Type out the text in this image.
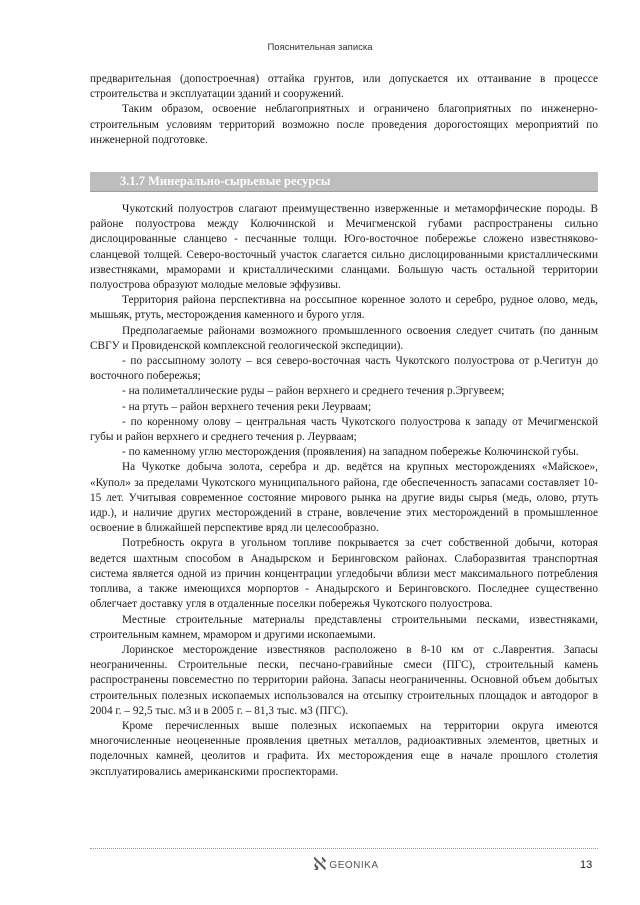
Пояснительная записка

предварительная (допостроечная) оттайка грунтов, или допускается их оттаивание в процессе строительства и эксплуатации зданий и сооружений.

Таким образом, освоение неблагоприятных и ограничено благоприятных по инженерно-строительным условиям территорий возможно после проведения дорогостоящих мероприятий по инженерной подготовке.

3.1.7 Минерально-сырьевые ресурсы

Чукотский полуостров слагают преимущественно изверженные и метаморфические породы. В районе полуострова между Колючинской и Мечигменской губами распространены сильно дислоцированные сланцево - песчанные толщи. Юго-восточное побережье сложено известняково-сланцевой толщей. Северо-восточный участок слагается сильно дислоцированными кристаллическими известняками, мраморами и кристаллическими сланцами. Большую часть остальной территории полуострова образуют молодые меловые эффузивы.

Территория района перспективна на россыпное коренное золото и серебро, рудное олово, медь, мышьяк, ртуть, месторождения каменного и бурого угля.

Предполагаемые районами возможного промышленного освоения следует считать (по данным СВГУ и Провиденской комплексной геологической экспедиции).

- по рассыпному золоту – вся северо-восточная часть Чукотского полуострова от р.Чегитун до восточного побережья;

- на полиметаллические руды – район верхнего и среднего течения р.Эргувеем;

- на ртуть – район верхнего течения реки Леурваам;

- по коренному олову – центральная часть Чукотского полуострова к западу от Мечигменской губы и район верхнего и среднего течения р. Леурваам;

- по каменному углю месторождения (проявления) на западном побережье Колючинской губы.

На Чукотке добыча золота, серебра и др. ведётся на крупных месторождениях «Майское», «Купол» за пределами Чукотского муниципального района, где обеспеченность запасами составляет 10-15 лет. Учитывая современное состояние мирового рынка на другие виды сырья (медь, олово, ртуть идр.), и наличие других месторождений в стране, вовлечение этих месторождений в промышленное освоение в ближайшей перспективе вряд ли целесообразно.

Потребность округа в угольном топливе покрывается за счет собственной добычи, которая ведется шахтным способом в Анадырском и Беринговском районах. Слаборазвитая транспортная система является одной из причин концентрации угледобычи вблизи мест максимального потребления топлива, а также имеющихся морпортов - Анадырского и Беринговского. Последнее существенно облегчает доставку угля в отдаленные поселки побережья Чукотского полуострова.

Местные строительные материалы представлены строительными песками, известняками, строительным камнем, мрамором и другими ископаемыми.

Лоринское месторождение известняков расположено в 8-10 км от с.Лаврентия. Запасы неограниченны. Строительные пески, песчано-гравийные смеси (ПГС), строительный камень распространены повсеместно по территории района. Запасы неограниченны. Основной объем добытых строительных полезных ископаемых использовался на отсыпку строительных площадок и автодорог в 2004 г. – 92,5 тыс. м3 и в 2005 г. – 81,3 тыс. м3 (ПГС).

Кроме перечисленных выше полезных ископаемых на территории округа имеются многочисленные неоцененные проявления цветных металлов, радиоактивных элементов, цветных и поделочных камней, цеолитов и графита. Их месторождения еще в начале прошлого столетия эксплуатировались американскими проспекторами.

ℵ GEONIKA	13
